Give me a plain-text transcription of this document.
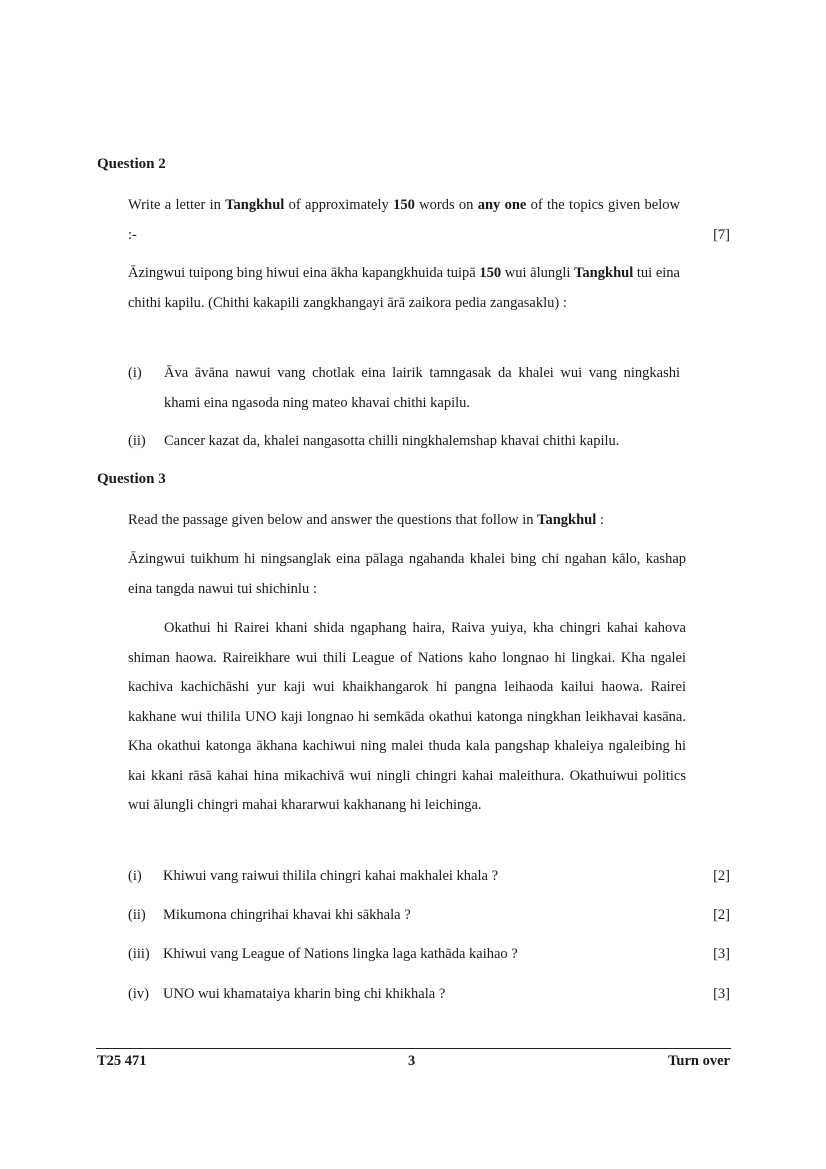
Question 2
Write a letter in Tangkhul of approximately 150 words on any one of the topics given below :-	[7]
Āzingwui tuipong bing hiwui eina ākha kapangkhuida tuipā 150 wui ālungli Tangkhul tui eina chithi kapilu. (Chithi kakapili zangkhangayi ārā zaikora pedia zangasaklu) :
(i) Āva āvāna nawui vang chotlak eina lairik tamngasak da khalei wui vang ningkashi khami eina ngasoda ning mateo khavai chithi kapilu.
(ii) Cancer kazat da, khalei nangasotta chilli ningkhalemshap khavai chithi kapilu.
Question 3
Read the passage given below and answer the questions that follow in Tangkhul :
Āzingwui tuikhum hi ningsanglak eina pālaga ngahanda khalei bing chi ngahan kālo, kashap eina tangda nawui tui shichinlu :
Okathui hi Rairei khani shida ngaphang haira, Raiva yuiya, kha chingri kahai kahova shiman haowa. Raireikhare wui thili League of Nations kaho longnao hi lingkai. Kha ngalei kachiva kachichāshi yur kaji wui khaikhangarok hi pangna leihaoda kailui haowa. Rairei kakhane wui thilila UNO kaji longnao hi semkāda okathui katonga ningkhan leikhavai kasāna. Kha okathui katonga ākhana kachiwui ning malei thuda kala pangshap khaleiya ngaleibing hi kai kkani rāsā kahai hina mikachivā wui ningli chingri kahai maleithura. Okathuiwui politics wui ālungli chingri mahai khararwui kakhanang hi leichinga.
(i) Khiwui vang raiwui thilila chingri kahai makhalei khala ?	[2]
(ii) Mikumona chingrihai khavai khi sākhala ?	[2]
(iii) Khiwui vang League of Nations lingka laga kathāda kaihao ?	[3]
(iv) UNO wui khamataiya kharin bing chi khikhala ?	[3]
T25 471	3	Turn over
